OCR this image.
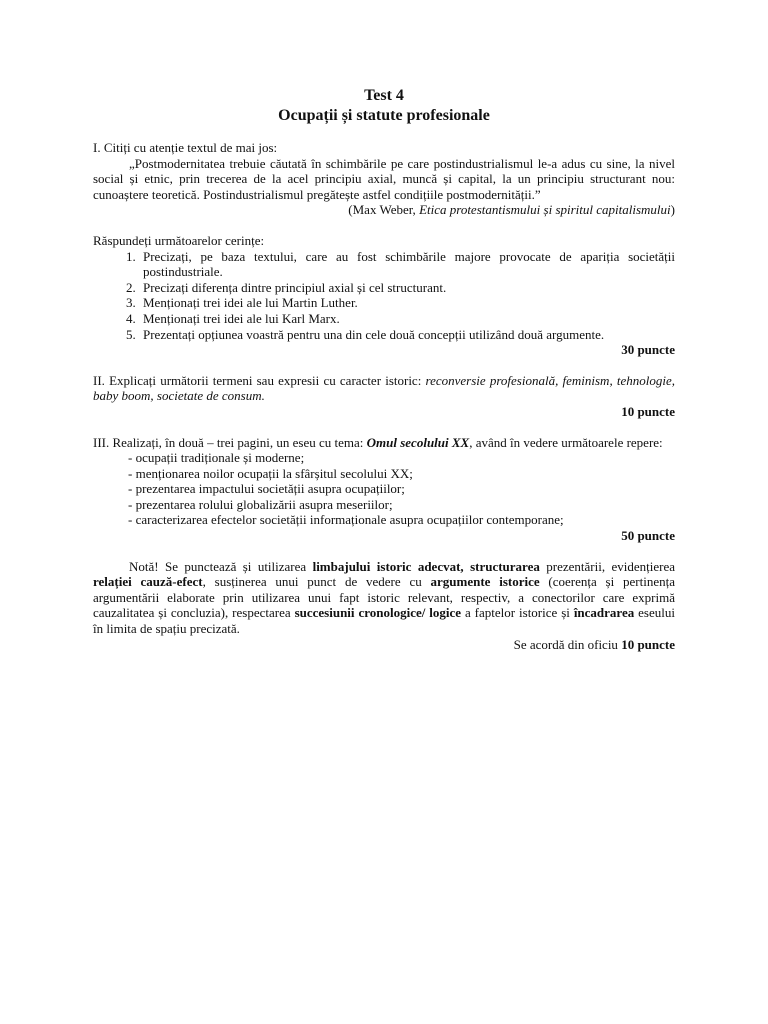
Test 4
Ocupații și statute profesionale

I. Citiți cu atenție textul de mai jos:

„Postmodernitatea trebuie căutată în schimbările pe care postindustrialismul le-a adus cu sine, la nivel social și etnic, prin trecerea de la acel principiu axial, muncă și capital, la un principiu structurant nou: cunoaștere teoretică. Postindustrialismul pregătește astfel condițiile postmodernității.”

(Max Weber, Etica protestantismului și spiritul capitalismului)

Răspundeți următoarelor cerințe:

1. Precizați, pe baza textului, care au fost schimbările majore provocate de apariția societății postindustriale.
2. Precizați diferența dintre principiul axial și cel structurant.
3. Menționați trei idei ale lui Martin Luther.
4. Menționați trei idei ale lui Karl Marx.
5. Prezentați opțiunea voastră pentru una din cele două concepții utilizând două argumente.

30 puncte

II. Explicați următorii termeni sau expresii cu caracter istoric: reconversie profesională, feminism, tehnologie, baby boom, societate de consum.

10 puncte

III. Realizați, în două – trei pagini, un eseu cu tema: Omul secolului XX, având în vedere următoarele repere:

- ocupații tradiționale și moderne;
- menționarea noilor ocupații la sfârșitul secolului XX;
- prezentarea impactului societății asupra ocupațiilor;
- prezentarea rolului globalizării asupra meseriilor;
- caracterizarea efectelor societății informaționale asupra ocupațiilor contemporane;

50 puncte

Notă! Se punctează și utilizarea limbajului istoric adecvat, structurarea prezentării, evidențierea relației cauză-efect, susținerea unui punct de vedere cu argumente istorice (coerența și pertinența argumentării elaborate prin utilizarea unui fapt istoric relevant, respectiv, a conectorilor care exprimă cauzalitatea și concluzia), respectarea succesiunii cronologice/ logice a faptelor istorice și încadrarea eseului în limita de spațiu precizată.

Se acordă din oficiu 10 puncte
